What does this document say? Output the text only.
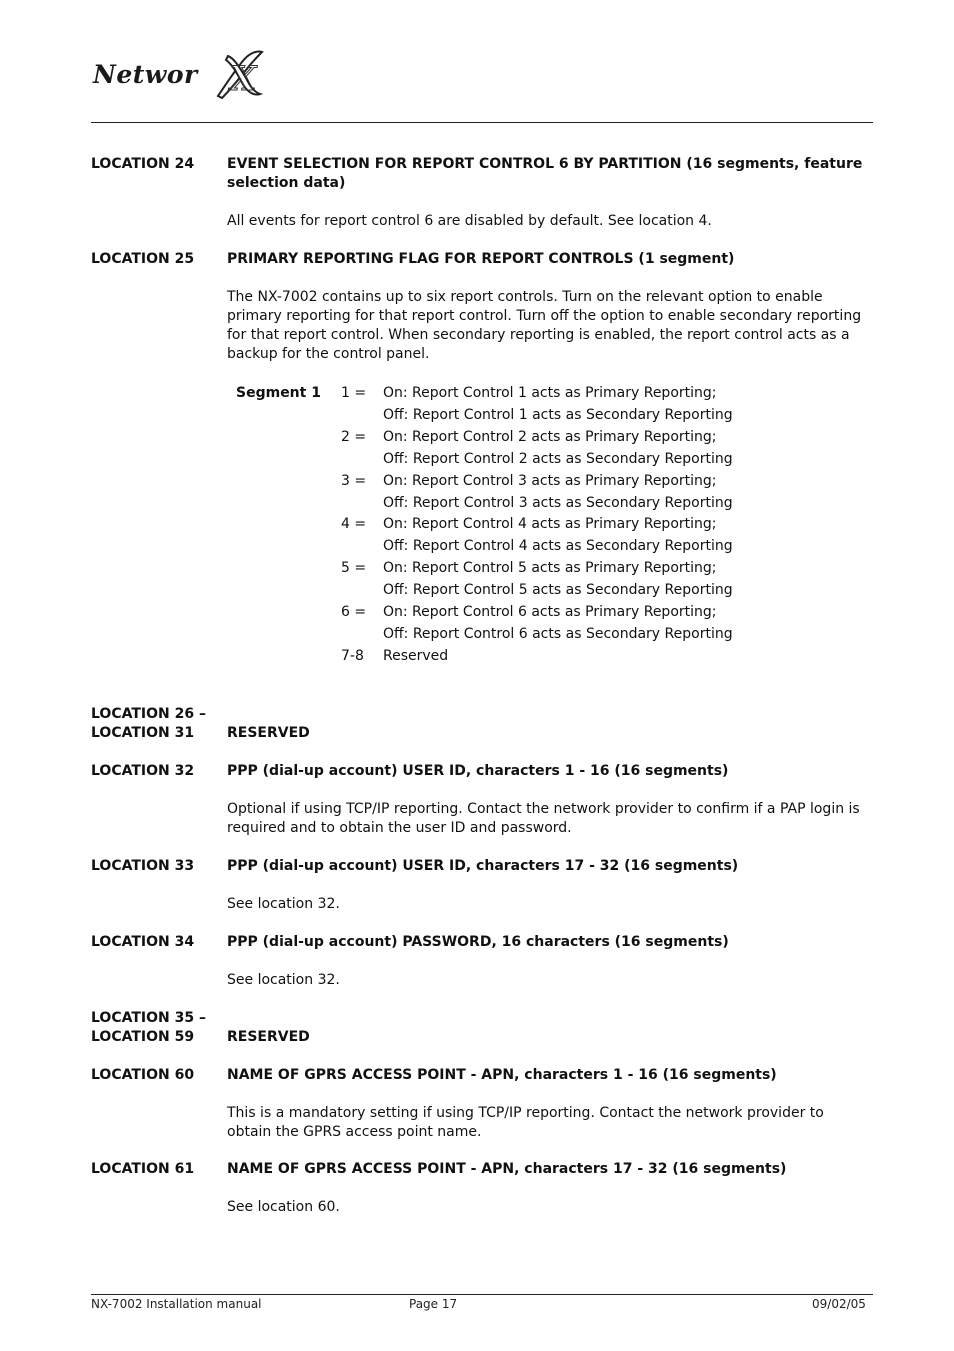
Networ X
LOCATION 24 EVENT SELECTION FOR REPORT CONTROL 6 BY PARTITION (16 segments, feature selection data)
All events for report control 6 are disabled by default. See location 4.
LOCATION 25 PRIMARY REPORTING FLAG FOR REPORT CONTROLS (1 segment)
The NX-7002 contains up to six report controls. Turn on the relevant option to enable primary reporting for that report control. Turn off the option to enable secondary reporting for that report control. When secondary reporting is enabled, the report control acts as a backup for the control panel.
Segment 1 1 = On: Report Control 1 acts as Primary Reporting;
Off: Report Control 1 acts as Secondary Reporting
2 = On: Report Control 2 acts as Primary Reporting;
Off: Report Control 2 acts as Secondary Reporting
3 = On: Report Control 3 acts as Primary Reporting;
Off: Report Control 3 acts as Secondary Reporting
4 = On: Report Control 4 acts as Primary Reporting;
Off: Report Control 4 acts as Secondary Reporting
5 = On: Report Control 5 acts as Primary Reporting;
Off: Report Control 5 acts as Secondary Reporting
6 = On: Report Control 6 acts as Primary Reporting;
Off: Report Control 6 acts as Secondary Reporting
7-8 Reserved
LOCATION 26 –
LOCATION 31 RESERVED
LOCATION 32 PPP (dial-up account) USER ID, characters 1 - 16 (16 segments)
Optional if using TCP/IP reporting. Contact the network provider to confirm if a PAP login is required and to obtain the user ID and password.
LOCATION 33 PPP (dial-up account) USER ID, characters 17 - 32 (16 segments)
See location 32.
LOCATION 34 PPP (dial-up account) PASSWORD, 16 characters (16 segments)
See location 32.
LOCATION 35 –
LOCATION 59 RESERVED
LOCATION 60 NAME OF GPRS ACCESS POINT - APN, characters 1 - 16 (16 segments)
This is a mandatory setting if using TCP/IP reporting. Contact the network provider to obtain the GPRS access point name.
LOCATION 61 NAME OF GPRS ACCESS POINT - APN, characters 17 - 32 (16 segments)
See location 60.
NX-7002 Installation manual	Page 17	09/02/05
